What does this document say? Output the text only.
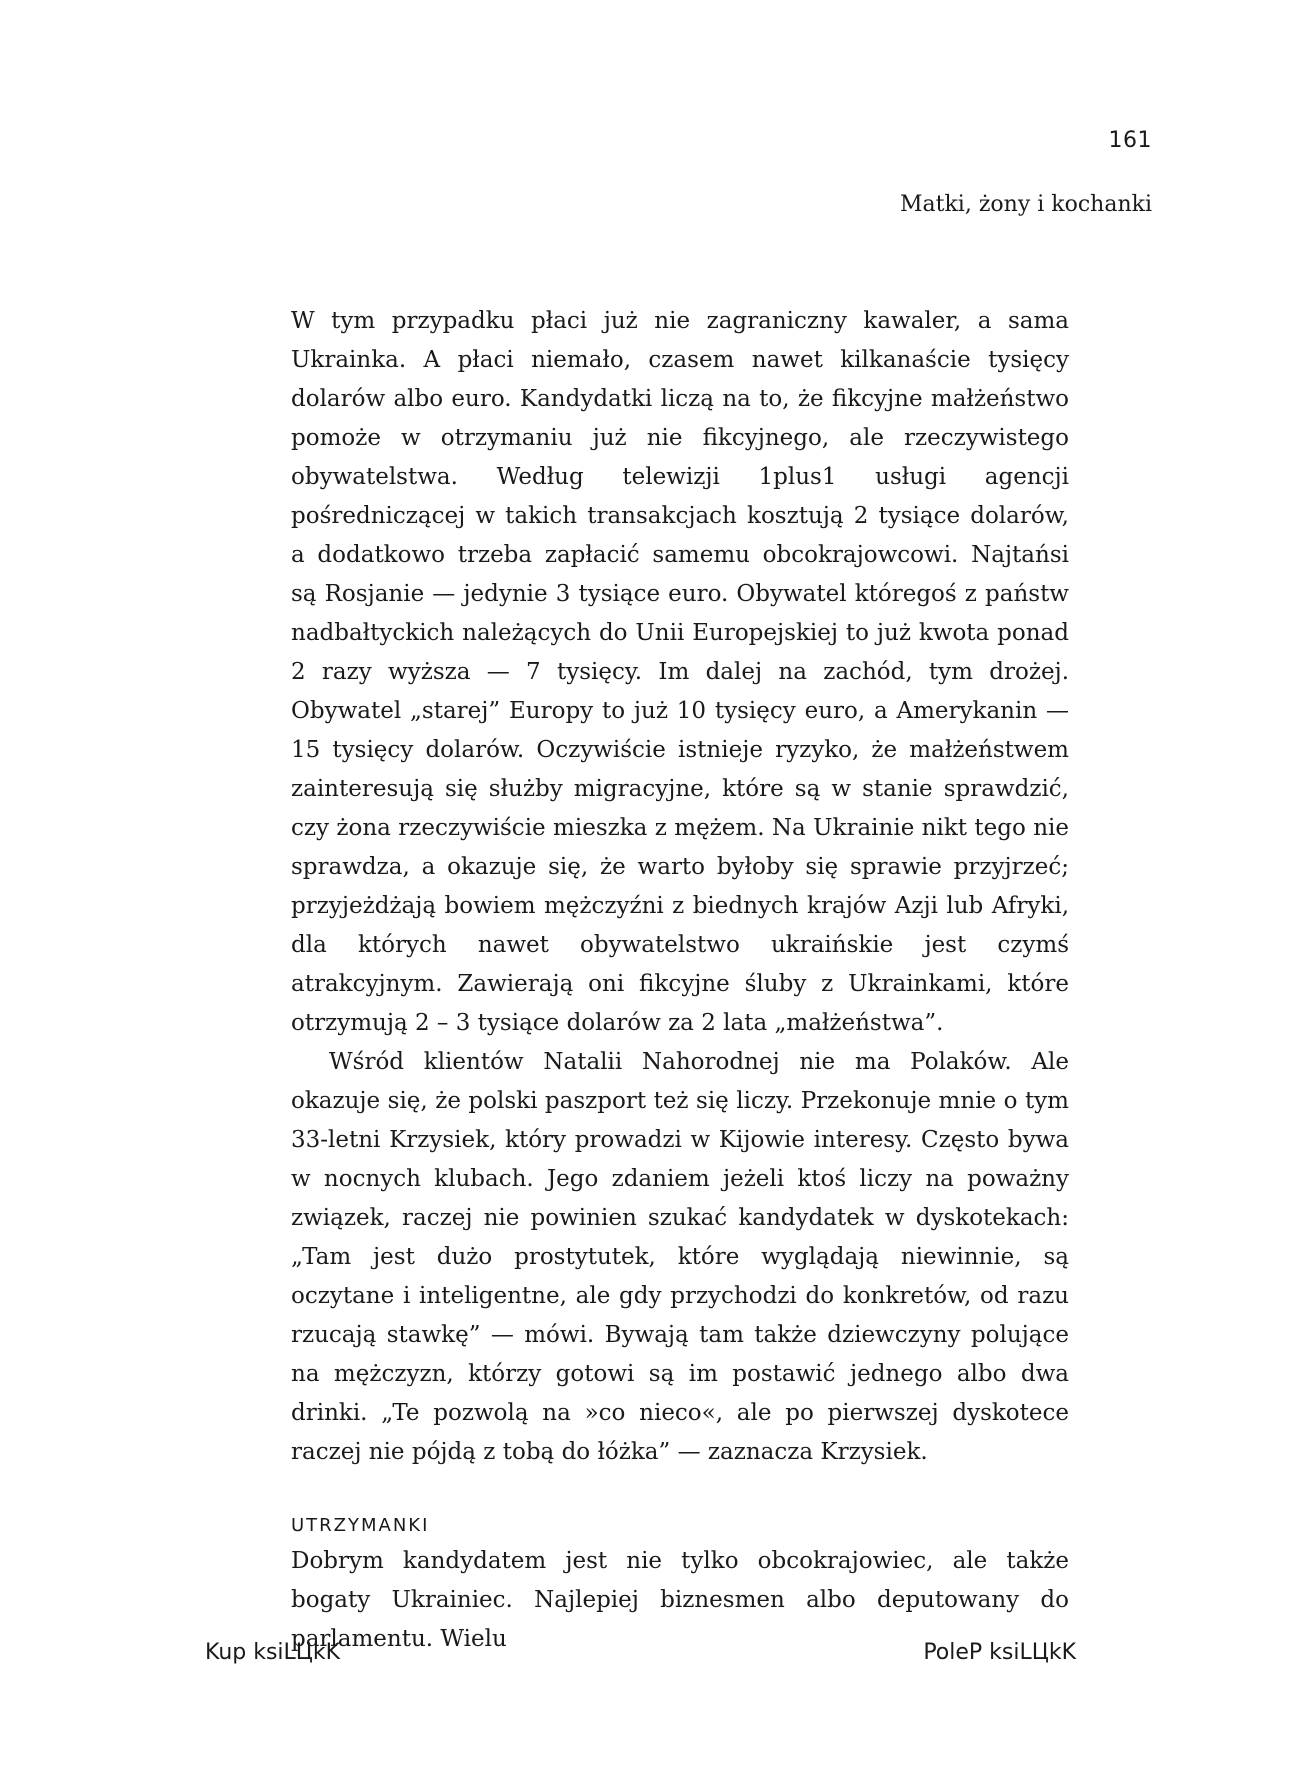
161
Matki, żony i kochanki

W tym przypadku płaci już nie zagraniczny kawaler, a sama Ukrainka. A płaci niemało, czasem nawet kilkanaście tysięcy dolarów albo euro. Kandydatki liczą na to, że fikcyjne małżeństwo pomoże w otrzymaniu już nie fikcyjnego, ale rzeczywistego obywatelstwa. Według telewizji 1plus1 usługi agencji pośredniczącej w takich transakcjach kosztują 2 tysiące dolarów, a dodatkowo trzeba zapłacić samemu obcokrajowcowi. Najtańsi są Rosjanie — jedynie 3 tysiące euro. Obywatel któregoś z państw nadbałtyckich należących do Unii Europejskiej to już kwota ponad 2 razy wyższa — 7 tysięcy. Im dalej na zachód, tym drożej. Obywatel „starej” Europy to już 10 tysięcy euro, a Amerykanin — 15 tysięcy dolarów. Oczywiście istnieje ryzyko, że małżeństwem zainteresują się służby migracyjne, które są w stanie sprawdzić, czy żona rzeczywiście mieszka z mężem. Na Ukrainie nikt tego nie sprawdza, a okazuje się, że warto byłoby się sprawie przyjrzeć; przyjeżdżają bowiem mężczyźni z biednych krajów Azji lub Afryki, dla których nawet obywatelstwo ukraińskie jest czymś atrakcyjnym. Zawierają oni fikcyjne śluby z Ukrainkami, które otrzymują 2 – 3 tysiące dolarów za 2 lata „małżeństwa”.

Wśród klientów Natalii Nahorodnej nie ma Polaków. Ale okazuje się, że polski paszport też się liczy. Przekonuje mnie o tym 33-letni Krzysiek, który prowadzi w Kijowie interesy. Często bywa w nocnych klubach. Jego zdaniem jeżeli ktoś liczy na poważny związek, raczej nie powinien szukać kandydatek w dyskotekach: „Tam jest dużo prostytutek, które wyglądają niewinnie, są oczytane i inteligentne, ale gdy przychodzi do konkretów, od razu rzucają stawkę” — mówi. Bywają tam także dziewczyny polujące na mężczyzn, którzy gotowi są im postawić jednego albo dwa drinki. „Te pozwolą na »co nieco«, ale po pierwszej dyskotece raczej nie pójdą z tobą do łóżka” — zaznacza Krzysiek.

UTRZYMANKI

Dobrym kandydatem jest nie tylko obcokrajowiec, ale także bogaty Ukrainiec. Najlepiej biznesmen albo deputowany do parlamentu. Wielu

Kup ksiLЦkK	PoleP ksiLЦkK
